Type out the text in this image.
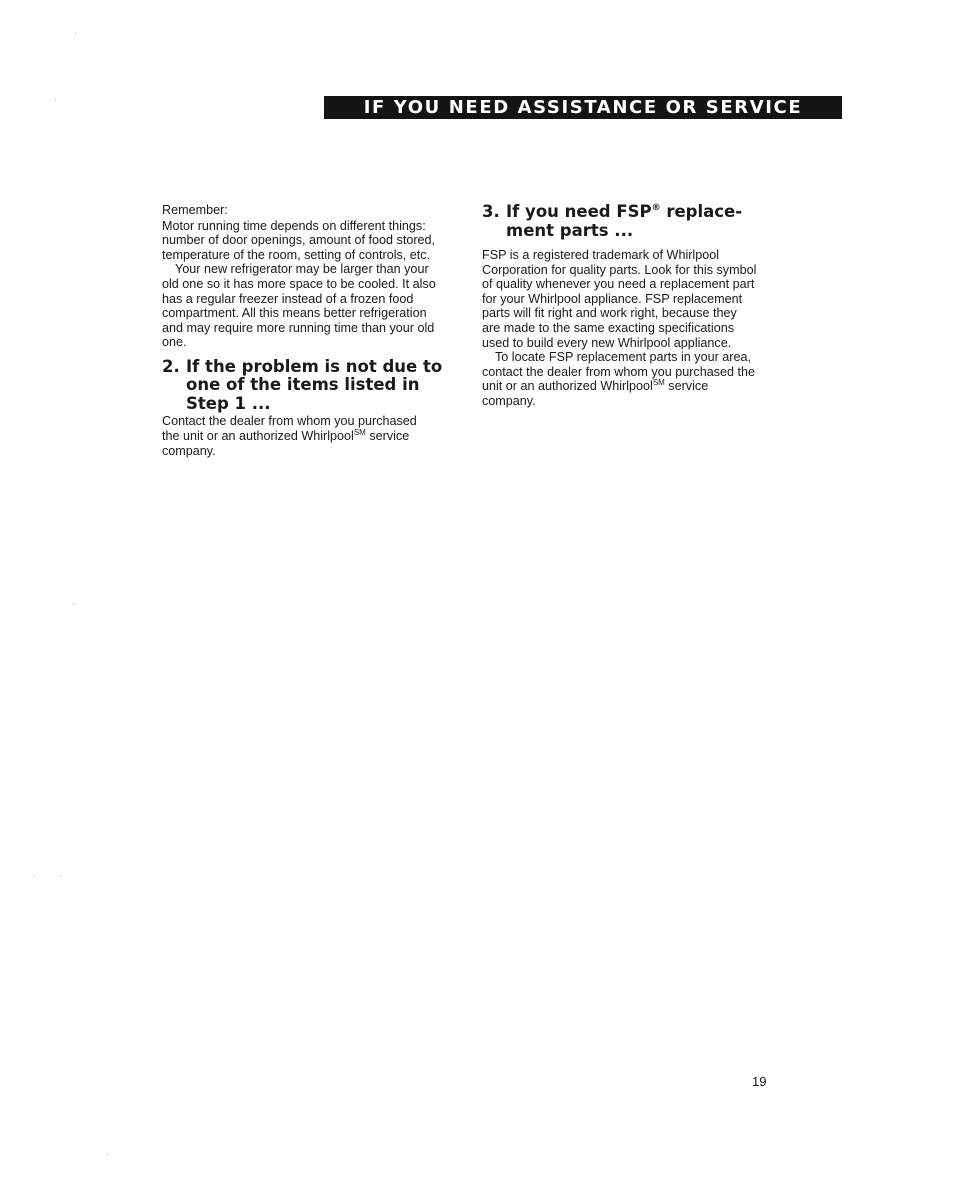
IF YOU NEED ASSISTANCE OR SERVICE

Remember:

Motor running time depends on different things:
number of door openings, amount of food stored,
temperature of the room, setting of controls, etc.

Your new refrigerator may be larger than your
old one so it has more space to be cooled. It also
has a regular freezer instead of a frozen food
compartment. All this means better refrigeration
and may require more running time than your old
one.

2. If the problem is not due to
one of the items listed in
Step 1 ...

Contact the dealer from whom you purchased
the unit or an authorized Whirlpool℠ service
company.

3. If you need FSP® replace-
ment parts ...

FSP is a registered trademark of Whirlpool
Corporation for quality parts. Look for this symbol
of quality whenever you need a replacement part
for your Whirlpool appliance. FSP replacement
parts will fit right and work right, because they
are made to the same exacting specifications
used to build every new Whirlpool appliance.

To locate FSP replacement parts in your area,
contact the dealer from whom you purchased the
unit or an authorized Whirlpool℠ service
company.

19
